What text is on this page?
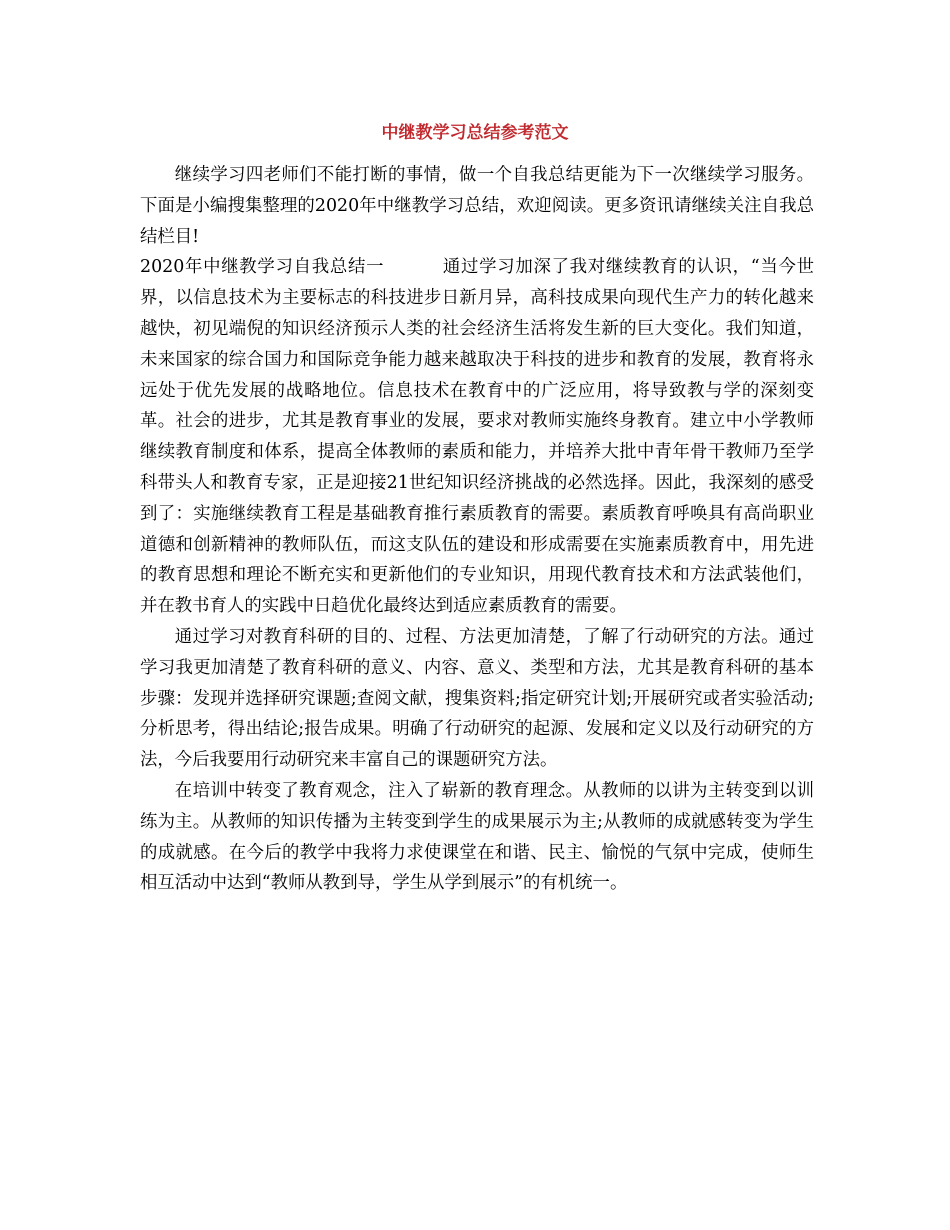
中继教学习总结参考范文

继续学习四老师们不能打断的事情，做一个自我总结更能为下一次继续学习服务。下面是小编搜集整理的2020年中继教学习总结，欢迎阅读。更多资讯请继续关注自我总结栏目!

2020年中继教学习自我总结一	通过学习加深了我对继续教育的认识，“当今世界，以信息技术为主要标志的科技进步日新月异，高科技成果向现代生产力的转化越来越快，初见端倪的知识经济预示人类的社会经济生活将发生新的巨大变化。我们知道，未来国家的综合国力和国际竞争能力越来越取决于科技的进步和教育的发展，教育将永远处于优先发展的战略地位。信息技术在教育中的广泛应用，将导致教与学的深刻变革。社会的进步，尤其是教育事业的发展，要求对教师实施终身教育。建立中小学教师继续教育制度和体系，提高全体教师的素质和能力，并培养大批中青年骨干教师乃至学科带头人和教育专家，正是迎接21世纪知识经济挑战的必然选择。因此，我深刻的感受到了：实施继续教育工程是基础教育推行素质教育的需要。素质教育呼唤具有高尚职业道德和创新精神的教师队伍，而这支队伍的建设和形成需要在实施素质教育中，用先进的教育思想和理论不断充实和更新他们的专业知识，用现代教育技术和方法武装他们，并在教书育人的实践中日趋优化最终达到适应素质教育的需要。

通过学习对教育科研的目的、过程、方法更加清楚，了解了行动研究的方法。通过学习我更加清楚了教育科研的意义、内容、意义、类型和方法，尤其是教育科研的基本步骤：发现并选择研究课题;查阅文献，搜集资料;指定研究计划;开展研究或者实验活动;分析思考，得出结论;报告成果。明确了行动研究的起源、发展和定义以及行动研究的方法，今后我要用行动研究来丰富自己的课题研究方法。

在培训中转变了教育观念，注入了崭新的教育理念。从教师的以讲为主转变到以训练为主。从教师的知识传播为主转变到学生的成果展示为主;从教师的成就感转变为学生的成就感。在今后的教学中我将力求使课堂在和谐、民主、愉悦的气氛中完成，使师生相互活动中达到“教师从教到导，学生从学到展示”的有机统一。
